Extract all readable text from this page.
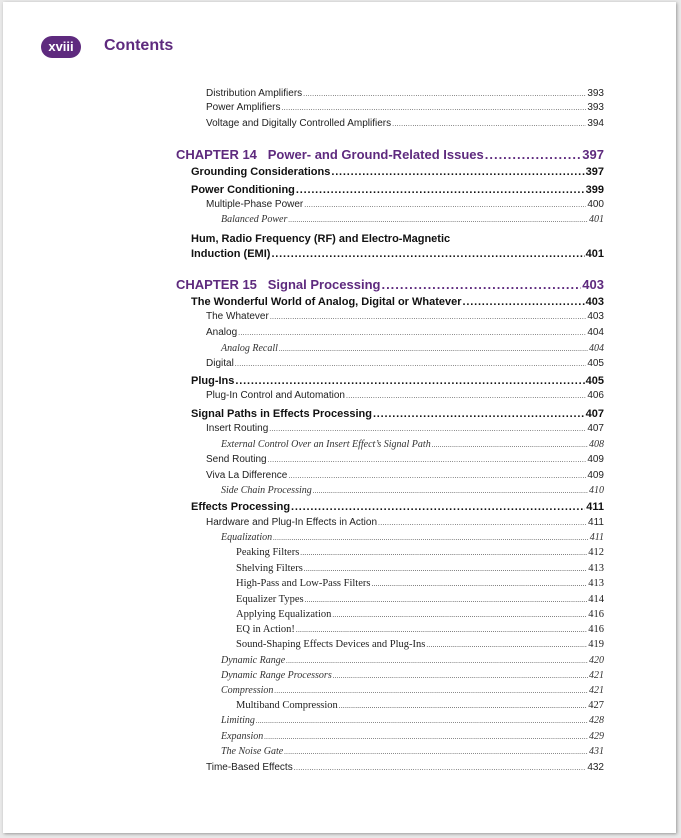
xviii	Contents
Distribution Amplifiers .....	393
Power Amplifiers .....	393
Voltage and Digitally Controlled Amplifiers .....	394
CHAPTER 14   Power- and Ground-Related Issues .....	397
Grounding Considerations .....	397
Power Conditioning .....	399
Multiple-Phase Power .....	400
Balanced Power .....	401
Hum, Radio Frequency (RF) and Electro-Magnetic
Induction (EMI) .....	401
CHAPTER 15   Signal Processing .....	403
The Wonderful World of Analog, Digital or Whatever .....	403
The Whatever .....	403
Analog .....	404
Analog Recall .....	404
Digital .....	405
Plug-Ins .....	405
Plug-In Control and Automation .....	406
Signal Paths in Effects Processing .....	407
Insert Routing .....	407
External Control Over an Insert Effect’s Signal Path .....	408
Send Routing .....	409
Viva La Difference .....	409
Side Chain Processing .....	410
Effects Processing .....	411
Hardware and Plug-In Effects in Action .....	411
Equalization .....	411
Peaking Filters .....	412
Shelving Filters .....	413
High-Pass and Low-Pass Filters .....	413
Equalizer Types .....	414
Applying Equalization .....	416
EQ in Action! .....	416
Sound-Shaping Effects Devices and Plug-Ins .....	419
Dynamic Range .....	420
Dynamic Range Processors .....	421
Compression .....	421
Multiband Compression .....	427
Limiting .....	428
Expansion .....	429
The Noise Gate .....	431
Time-Based Effects .....	432
